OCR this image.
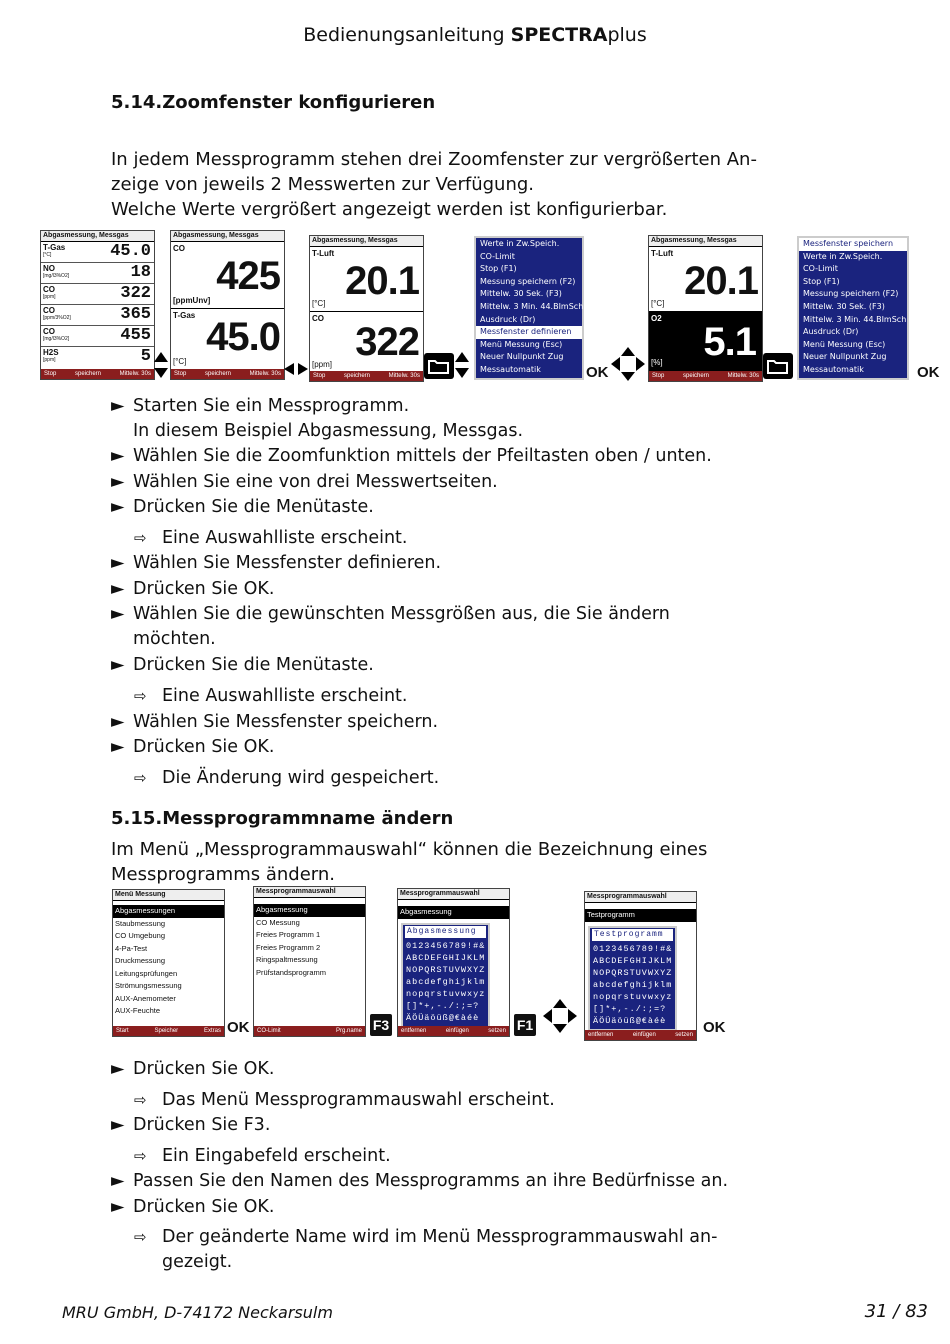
Bedienungsanleitung SPECTRAplus
5.14.Zoomfenster konfigurieren
In jedem Messprogramm stehen drei Zoomfenster zur vergrößerten An-
zeige von jeweils 2 Messwerten zur Verfügung.
Welche Werte vergrößert angezeigt werden ist konfigurierbar.
Abgasmessung, Messgas
T-Gas
[°C]	45.0
NO
[mg/l3%O2]	18
CO
[ppm]	322
CO
[ppm/3%O2]	365
CO
[mg/l3%O2]	455
H2S
[ppm]	5
Stop	speichern	Mittelw. 30s
Abgasmessung, Messgas
CO
425
[ppmUnv]
T-Gas 45.0
[°C]
Stop	speichern	Mittelw. 30s
Abgasmessung, Messgas
T-Luft
20.1
[°C]
CO
322
[ppm]
Stop	speichern	Mittelw. 30s
Werte in Zw.Speich.
CO-Limit
Stop (F1)
Messung speichern (F2)
Mittelw. 30 Sek. (F3)
Mittelw. 3 Min. 44.BImSch
Ausdruck (Dr)
Messfenster definieren
Menü Messung (Esc)
Neuer Nullpunkt Zug
Messautomatik	OK
Abgasmessung, Messgas
T-Luft
20.1
[°C]
O2
5.1
[%]
Stop	speichern	Mittelw. 30s
Messfenster speichern
Werte in Zw.Speich.
CO-Limit
Stop (F1)
Messung speichern (F2)
Mittelw. 30 Sek. (F3)
Mittelw. 3 Min. 44.BImSch
Ausdruck (Dr)
Menü Messung (Esc)
Neuer Nullpunkt Zug
Messautomatik	OK
► Starten Sie ein Messprogramm.
In diesem Beispiel Abgasmessung, Messgas.
► Wählen Sie die Zoomfunktion mittels der Pfeiltasten oben / unten.
► Wählen Sie eine von drei Messwertseiten.
► Drücken Sie die Menütaste.
⇨ Eine Auswahlliste erscheint.
► Wählen Sie Messfenster definieren.
► Drücken Sie OK.
► Wählen Sie die gewünschten Messgrößen aus, die Sie ändern
möchten.
► Drücken Sie die Menütaste.
⇨ Eine Auswahlliste erscheint.
► Wählen Sie Messfenster speichern.
► Drücken Sie OK.
⇨ Die Änderung wird gespeichert.
5.15.Messprogrammname ändern
Im Menü „Messprogrammauswahl“ können die Bezeichnung eines
Messprogramms ändern.
Menü Messung
Abgasmessungen
Staubmessung
CO Umgebung
4-Pa-Test
Druckmessung
Leitungsprüfungen
Strömungsmessung
AUX-Anemometer
AUX-Feuchte
Start	Speicher	Extras OK
Messprogrammauswahl
Abgasmessung
CO Messung
Freies Programm 1
Freies Programm 2
Ringspaltmessung
Prüfstandsprogramm
CO-Limit	Prg.name F3
Messprogrammauswahl
Abgasmessung
Abgasmessung
0123456789!#&
ABCDEFGHIJKLM
NOPQRSTUVWXYZ
abcdefghijklm
nopqrstuvwxyz
[]*+,-./:;=?
ÄÖÜäöüß@€àéè
entfernen	einfügen	setzen F1
Messprogrammauswahl
Testprogramm
Testprogramm
0123456789!#&
ABCDEFGHIJKLM
NOPQRSTUVWXYZ
abcdefghijklm
nopqrstuvwxyz
[]*+,-./:;=?
ÄÖÜäöüß@€àéè
entfernen	einfügen	setzen OK
► Drücken Sie OK.
⇨ Das Menü Messprogrammauswahl erscheint.
► Drücken Sie F3.
⇨ Ein Eingabefeld erscheint.
► Passen Sie den Namen des Messprogramms an ihre Bedürfnisse an.
► Drücken Sie OK.
⇨ Der geänderte Name wird im Menü Messprogrammauswahl an-
gezeigt.
MRU GmbH, D-74172 Neckarsulm	31 / 83
